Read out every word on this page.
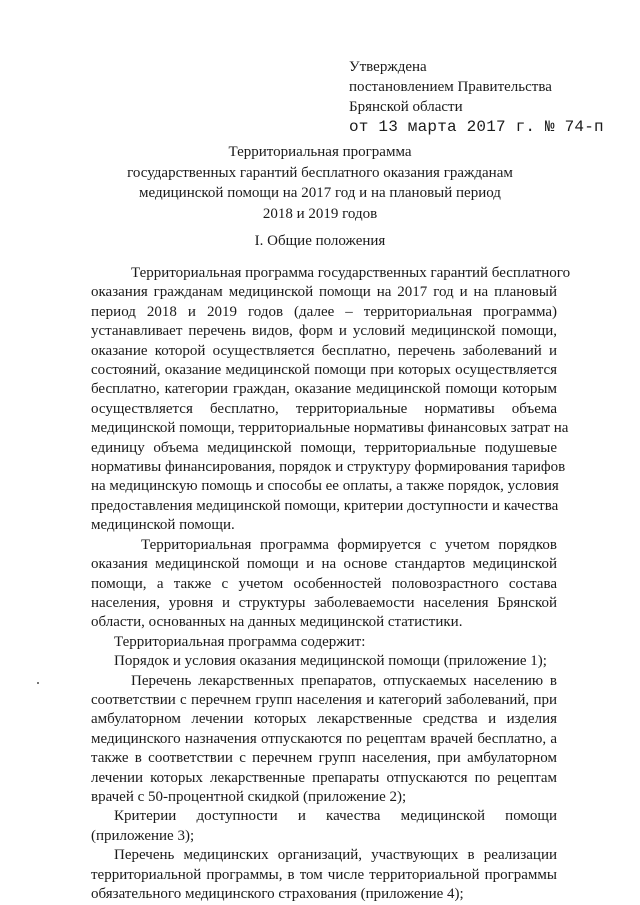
Утверждена
постановлением Правительства
Брянской области
от 13 марта 2017 г. № 74-п
Территориальная программа
государственных гарантий бесплатного оказания гражданам
медицинской помощи на 2017 год и на плановый период
2018 и 2019 годов
I. Общие положения
Территориальная программа государственных гарантий бесплатного
оказания гражданам медицинской помощи на 2017 год и на плановый
период 2018 и 2019 годов (далее – территориальная программа)
устанавливает перечень видов, форм и условий медицинской помощи,
оказание которой осуществляется бесплатно, перечень заболеваний и
состояний, оказание медицинской помощи при которых осуществляется
бесплатно, категории граждан, оказание медицинской помощи которым
осуществляется бесплатно, территориальные нормативы объема
медицинской помощи, территориальные нормативы финансовых затрат на
единицу объема медицинской помощи, территориальные подушевые
нормативы финансирования, порядок и структуру формирования тарифов
на медицинскую помощь и способы ее оплаты, а также порядок, условия
предоставления медицинской помощи, критерии доступности и качества
медицинской помощи.
Территориальная программа формируется с учетом порядков
оказания медицинской помощи и на основе стандартов медицинской
помощи, а также с учетом особенностей половозрастного состава
населения, уровня и структуры заболеваемости населения Брянской
области, основанных на данных медицинской статистики.
Территориальная программа содержит:
Порядок и условия оказания медицинской помощи (приложение 1);
Перечень лекарственных препаратов, отпускаемых населению в
соответствии с перечнем групп населения и категорий заболеваний, при
амбулаторном лечении которых лекарственные средства и изделия
медицинского назначения отпускаются по рецептам врачей бесплатно, а
также в соответствии с перечнем групп населения, при амбулаторном
лечении которых лекарственные препараты отпускаются по рецептам
врачей с 50-процентной скидкой (приложение 2);
Критерии доступности и качества медицинской помощи
(приложение 3);
Перечень медицинских организаций, участвующих в реализации
территориальной программы, в том числе территориальной программы
обязательного медицинского страхования (приложение 4);
